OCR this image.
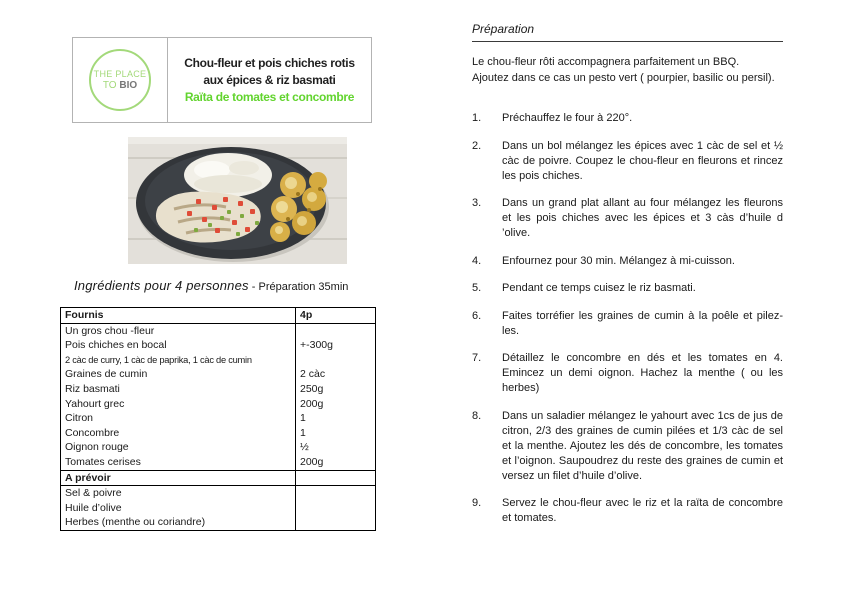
THE PLACE
TO BIO
Chou-fleur et pois chiches rotis
aux épices & riz basmati
Raïta de tomates et concombre
Ingrédients pour 4 personnes - Préparation 35min
Fournis	4p
Un gros chou -fleur	
Pois chiches en bocal	+-300g
2 càc de curry, 1 càc de paprika, 1 càc de cumin	
Graines de cumin	2 càc
Riz basmati	250g
Yahourt grec	200g
Citron	1
Concombre	1
Oignon rouge	½
Tomates cerises	200g
A prévoir	
Sel & poivre	
Huile d’olive	
Herbes (menthe ou coriandre)	
Préparation
Le chou-fleur rôti accompagnera parfaitement un BBQ.
Ajoutez dans ce cas un pesto vert ( pourpier, basilic ou persil).
1.	Préchauffez le four à 220°.
2.	Dans un bol mélangez les épices avec 1 càc de sel et ½ càc de poivre. Coupez le chou-fleur en fleurons et rincez les pois chiches.
3.	Dans un grand plat allant au four mélangez les fleurons et les pois chiches avec les épices et 3 càs d’huile d ’olive.
4.	Enfournez pour 30 min. Mélangez à mi-cuisson.
5.	Pendant ce temps cuisez le riz basmati.
6.	Faites torréfier les graines de cumin à la poêle et pilez-les.
7.	Détaillez le concombre en dés et les tomates en 4. Emincez un demi oignon. Hachez la menthe ( ou les herbes)
8.	Dans un saladier mélangez le yahourt avec 1cs de jus de citron, 2/3 des graines de cumin pilées et 1/3 càc de sel et la menthe. Ajoutez les dés de concombre, les tomates et l’oignon. Saupoudrez du reste des graines de cumin et versez un filet d’huile d’olive.
9.	Servez le chou-fleur avec le riz et la raïta de concombre et tomates.
